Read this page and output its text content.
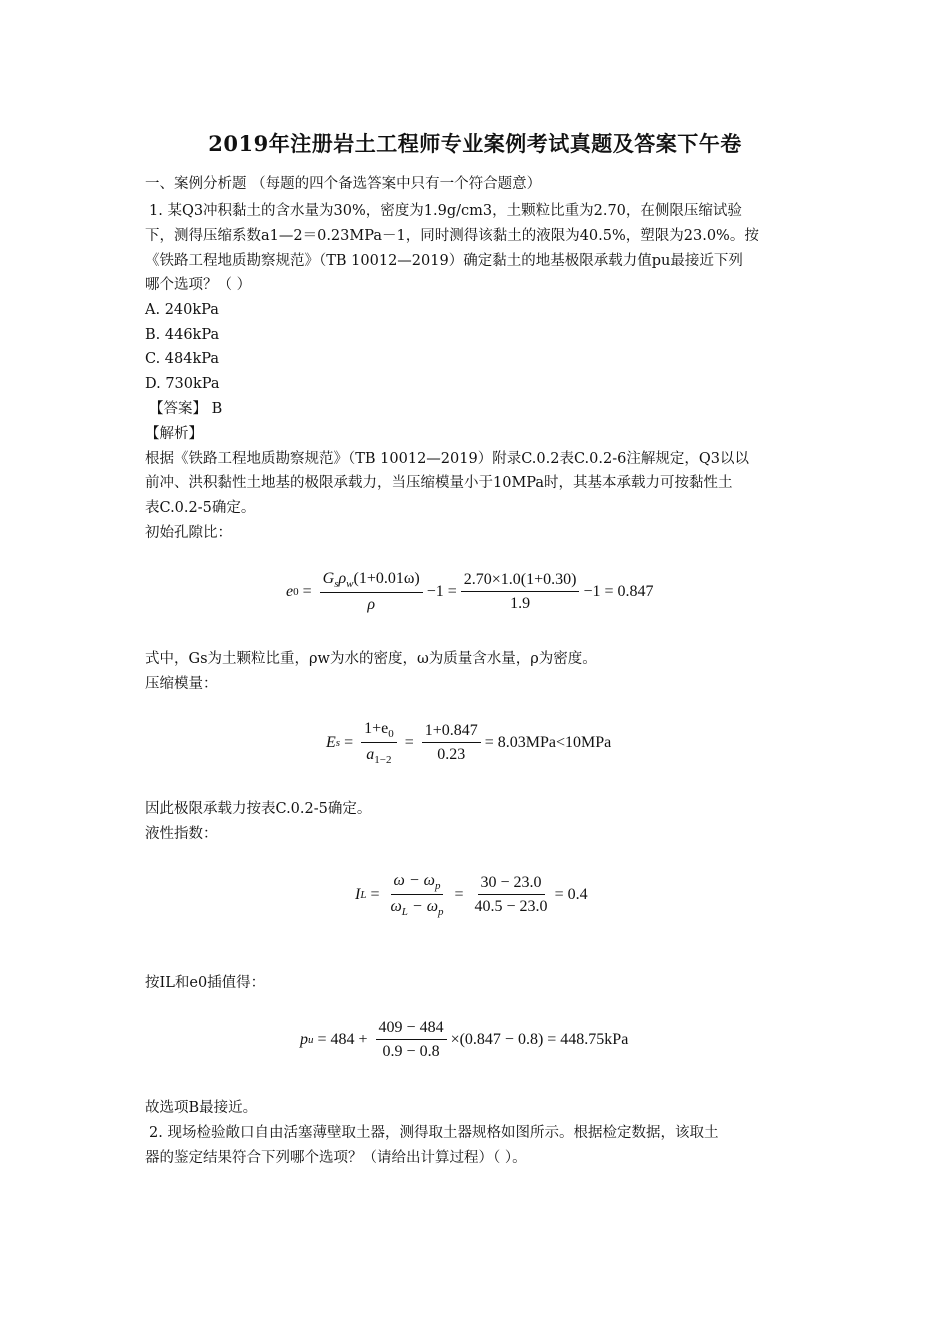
2019年注册岩土工程师专业案例考试真题及答案下午卷
一、案例分析题 （每题的四个备选答案中只有一个符合题意）
1. 某Q3冲积黏土的含水量为30%，密度为1.9g/cm3，土颗粒比重为2.70，在侧限压缩试验
下，测得压缩系数a1—2＝0.23MPa－1，同时测得该黏土的液限为40.5%，塑限为23.0%。按
《铁路工程地质勘察规范》（TB 10012—2019）确定黏土的地基极限承载力值pu最接近下列
哪个选项？（ ）
A. 240kPa
B. 446kPa
C. 484kPa
D. 730kPa
【答案】 B
【解析】
根据《铁路工程地质勘察规范》（TB 10012—2019）附录C.0.2表C.0.2-6注解规定，Q3以以
前冲、洪积黏性土地基的极限承载力，当压缩模量小于10MPa时，其基本承载力可按黏性土
表C.0.2-5确定。
初始孔隙比：
e $0 = \frac{G_s\rho_w(1+0.01\omega)}{\rho} -1 = \frac{2.70\times 1.0(1+0.30)}{1.9} -1 = 0.847$
式中，Gs为土颗粒比重，ρw为水的密度，ω为质量含水量，ρ为密度。
压缩模量：
E $s = \frac{1+e_0}{a_{1-2}} = \frac{1+0.847}{0.23} = 8.03MPa<10MPa$
因此极限承载力按表C.0.2-5确定。
液性指数：
I $L = \frac{\omega - \omega_p}{\omega_L - \omega_p} = \frac{30 - 23.0}{40.5 - 23.0} = 0.4$
按IL和e0插值得：
p $u = 484 + \frac{409 - 484}{0.9 - 0.8} \times(0.847 - 0.8) = 448.75kPa$
故选项B最接近。
2. 现场检验敞口自由活塞薄壁取土器，测得取土器规格如图所示。根据检定数据，该取土
器的鉴定结果符合下列哪个选项？（请给出计算过程）（ ）。
